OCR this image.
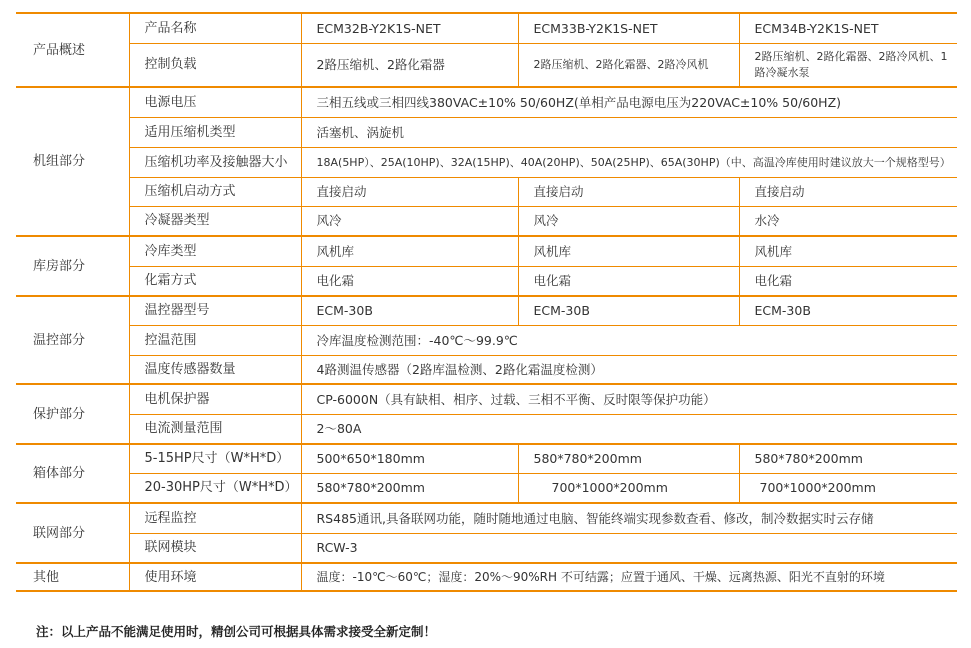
产品概述	产品名称	ECM32B-Y2K1S-NET	ECM33B-Y2K1S-NET	ECM34B-Y2K1S-NET
	控制负载	2路压缩机、2路化霜器	2路压缩机、2路化霜器、2路冷风机	2路压缩机、2路化霜器、2路冷风机、1路冷凝水泵
机组部分	电源电压	三相五线或三相四线380VAC±10% 50/60HZ(单相产品电源电压为220VAC±10% 50/60HZ)		
	适用压缩机类型	活塞机、涡旋机		
	压缩机功率及接触器大小	18A(5HP）、25A(10HP)、32A(15HP)、40A(20HP)、50A(25HP)、65A(30HP)（中、高温冷库使用时建议放大一个规格型号）		
	压缩机启动方式	直接启动	直接启动	直接启动
	冷凝器类型	风冷	风冷	水冷
库房部分	冷库类型	风机库	风机库	风机库
	化霜方式	电化霜	电化霜	电化霜
温控部分	温控器型号	ECM-30B	ECM-30B	ECM-30B
	控温范围	冷库温度检测范围：-40℃～99.9℃		
	温度传感器数量	4路测温传感器（2路库温检测、2路化霜温度检测）		
保护部分	电机保护器	CP-6000N（具有缺相、相序、过载、三相不平衡、反时限等保护功能）		
	电流测量范围	2～80A		
箱体部分	5-15HP尺寸（W*H*D）	500*650*180mm	580*780*200mm	580*780*200mm
	20-30HP尺寸（W*H*D）	580*780*200mm	700*1000*200mm	700*1000*200mm
联网部分	远程监控	RS485通讯,具备联网功能，随时随地通过电脑、智能终端实现参数查看、修改，制冷数据实时云存储		
	联网模块	RCW-3		
其他	使用环境	温度：-10℃～60℃；湿度：20%～90%RH 不可结露；应置于通风、干燥、远离热源、阳光不直射的环境		
注：以上产品不能满足使用时，精创公司可根据具体需求接受全新定制！
